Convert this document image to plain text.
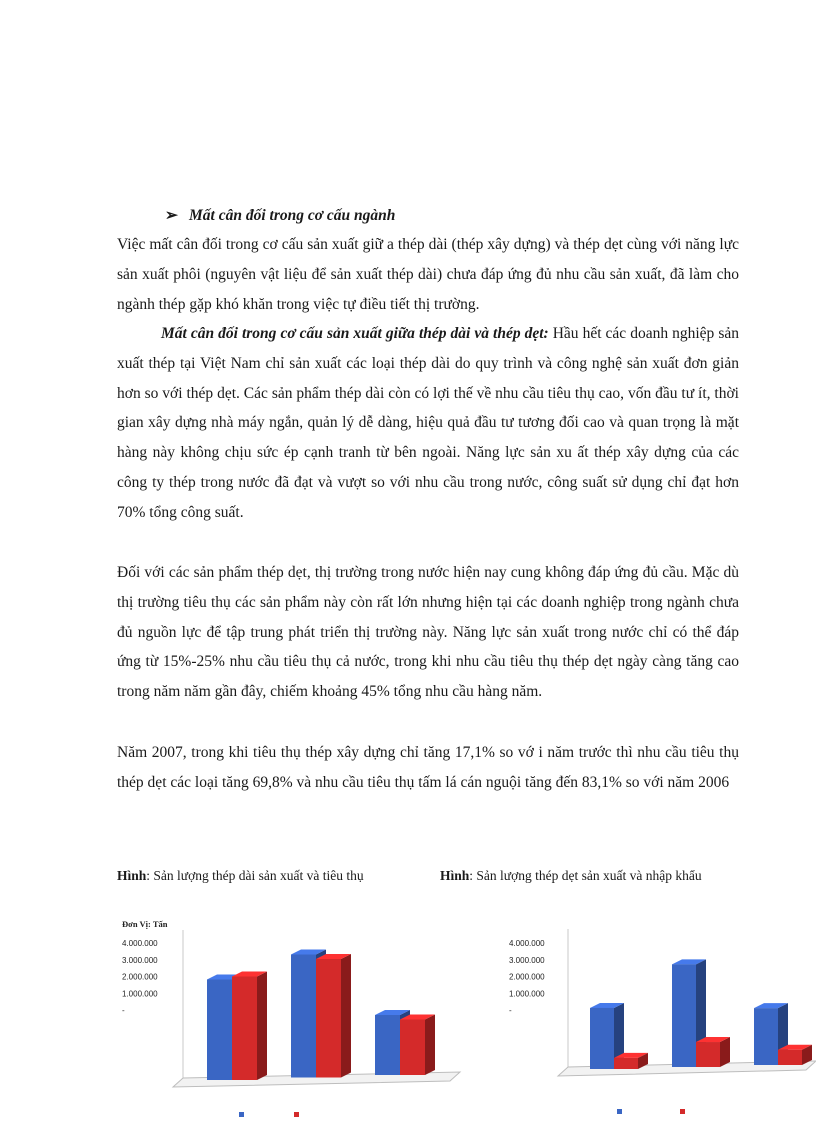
➢ Mất cân đối trong cơ cấu ngành

Việc mất cân đối trong cơ cấu sản xuất giữ a thép dài (thép xây dựng) và thép dẹt cùng với năng lực sản xuất phôi (nguyên vật liệu để sản xuất thép dài) chưa đáp ứng đủ nhu cầu sản xuất, đã làm cho ngành thép gặp khó khăn trong việc tự điều tiết thị trường.

Mất cân đối trong cơ cấu sản xuất giữa thép dài và thép dẹt: Hầu hết các doanh nghiệp sản xuất thép tại Việt Nam chỉ sản xuất các loại thép dài do quy trình và công nghệ sản xuất đơn giản hơn so với thép dẹt. Các sản phẩm thép dài còn có lợi thế về nhu cầu tiêu thụ cao, vốn đầu tư ít, thời gian xây dựng nhà máy ngắn, quản lý dễ dàng, hiệu quả đầu tư tương đối cao và quan trọng là mặt hàng này không chịu sức ép cạnh tranh từ bên ngoài. Năng lực sản xu ất thép xây dựng của các công ty thép trong nước đã đạt và vượt so với nhu cầu trong nước, công suất sử dụng chỉ đạt hơn 70% tổng công suất.

Đối với các sản phẩm thép dẹt, thị trường trong nước hiện nay cung không đáp ứng đủ cầu. Mặc dù thị trường tiêu thụ các sản phẩm này còn rất lớn nhưng hiện tại các doanh nghiệp trong ngành chưa đủ nguồn lực để tập trung phát triển thị trường này. Năng lực sản xuất trong nước chỉ có thể đáp ứng từ 15%-25% nhu cầu tiêu thụ cả nước, trong khi nhu cầu tiêu thụ thép dẹt ngày càng tăng cao trong năm năm gần đây, chiếm khoảng 45% tổng nhu cầu hàng năm.

Năm 2007, trong khi tiêu thụ thép xây dựng chỉ tăng 17,1% so vớ i năm trước thì nhu cầu tiêu thụ thép dẹt các loại tăng 69,8% và nhu cầu tiêu thụ tấm lá cán nguội tăng đến 83,1% so với năm 2006

Hình: Sản lượng thép dài sản xuất và tiêu thụ	Hình: Sản lượng thép dẹt sản xuất và nhập khẩu
Đơn Vị: Tấn
4.000.000
3.000.000
2.000.000
1.000.000
-
4.000.000
3.000.000
2.000.000
1.000.000
-
